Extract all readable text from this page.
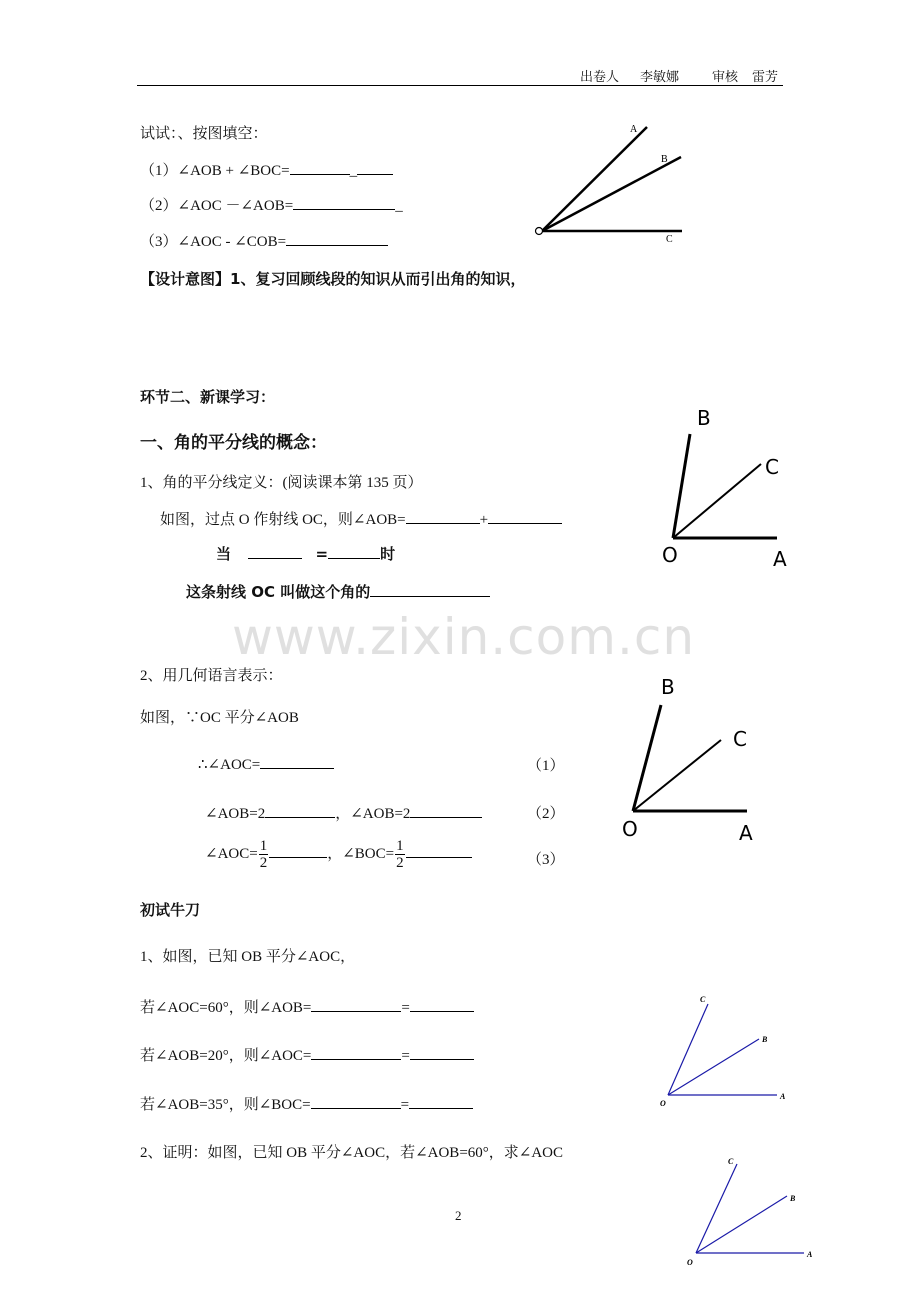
出卷人 李敏娜	审核 雷芳
试试：、按图填空：
（1）∠AOB + ∠BOC=	_
（2）∠AOC －∠AOB=	_
（3）∠AOC - ∠COB=
A
B
C
【设计意图】1、复习回顾线段的知识从而引出角的知识，
环节二、新课学习：
一、角的平分线的概念：
1、角的平分线定义：(阅读课本第 135 页）
如图，过点 O 作射线 OC，则∠AOB=	+
当	=	时
这条射线 OC 叫做这个角的
B
C
O	A
2、用几何语言表示：
如图，∵OC 平分∠AOB
∴∠AOC=	（1）
∠AOB=2	，∠AOB=2	（2）
∠AOC= $\frac{1}{2}$	，∠BOC= $\frac{1}{2}$	（3）
B
C
O	A
www.zixin.com.cn
初试牛刀
1、如图，已知 OB 平分∠AOC，
若∠AOC=60°，则∠AOB=	=
若∠AOB=20°，则∠AOC=	=
若∠AOB=35°，则∠BOC=	=
2、证明：如图，已知 OB 平分∠AOC，若∠AOB=60°，求∠AOC
C
B
O
A
C
B
O
A
2
